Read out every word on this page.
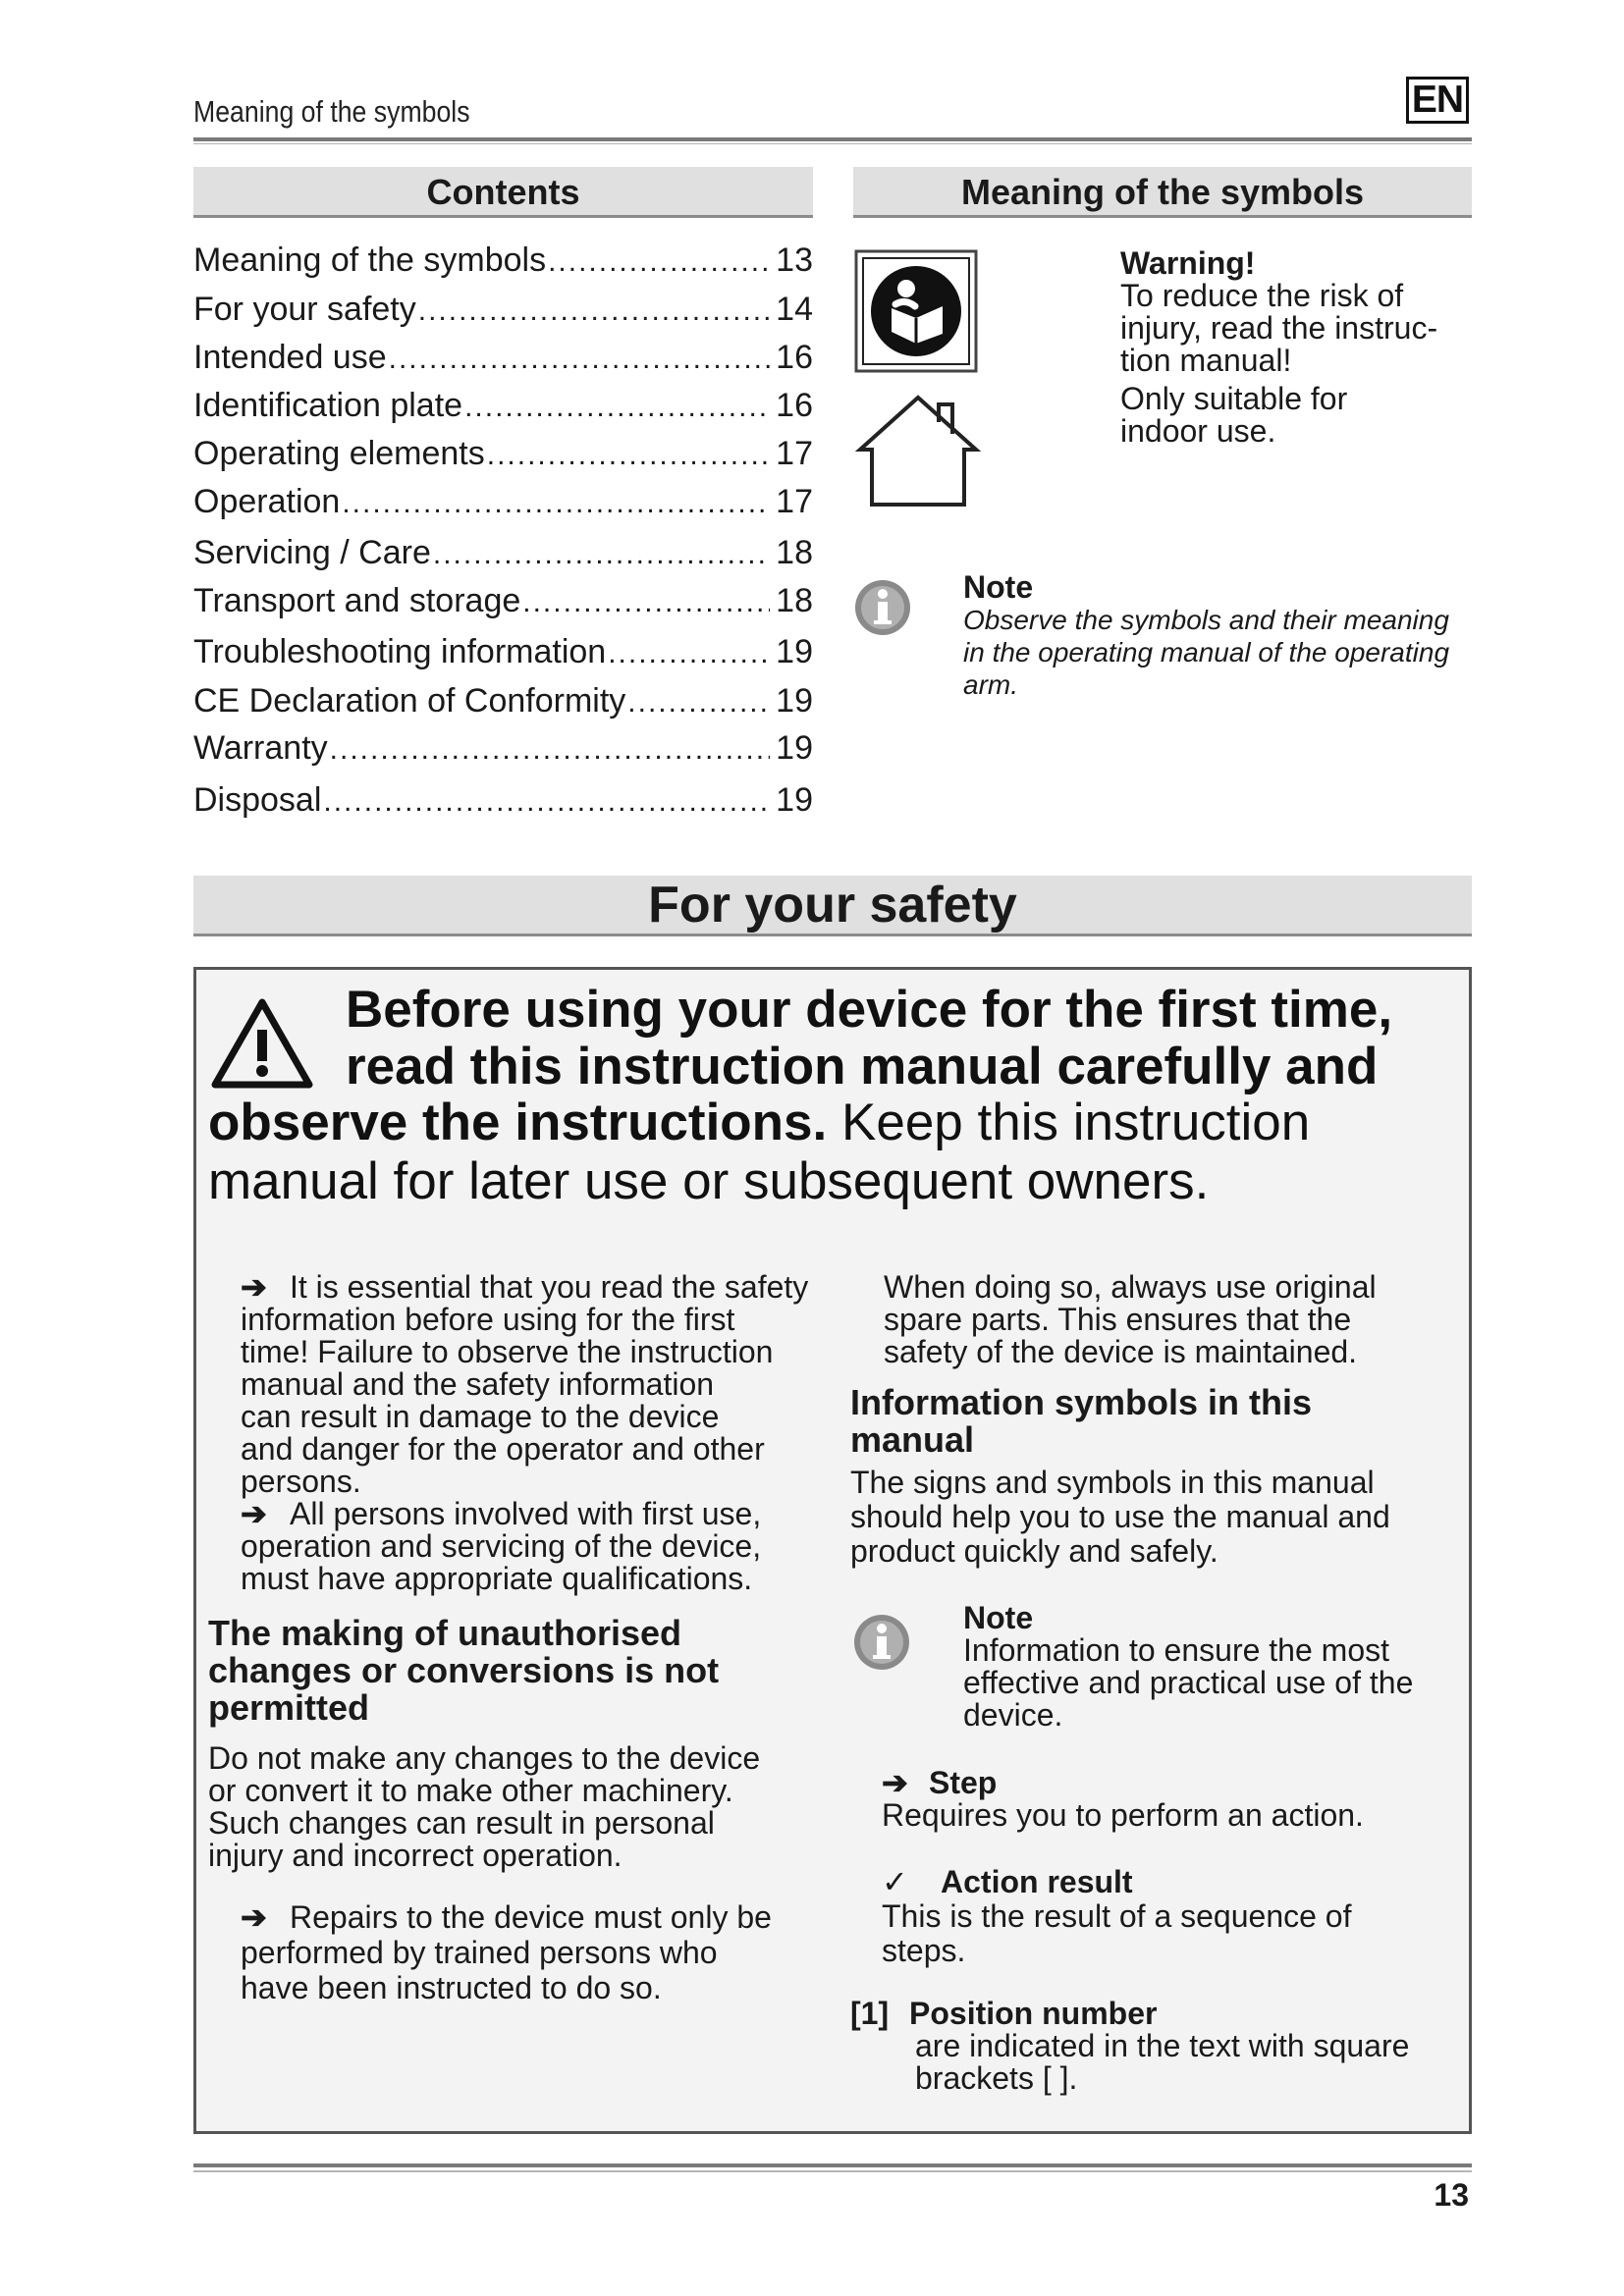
Meaning of the symbols	EN
Contents
Meaning of the symbols .....	13
For your safety .....	14
Intended use .....	16
Identification plate .....	16
Operating elements .....	17
Operation .....	17
Servicing / Care .....	18
Transport and storage .....	18
Troubleshooting information .....	19
CE Declaration of Conformity .....	19
Warranty .....	19
Disposal .....	19
Meaning of the symbols
Warning!
To reduce the risk of
injury, read the instruc-
tion manual!
Only suitable for
indoor use.
Note
Observe the symbols and their meaning
in the operating manual of the operating
arm.
For your safety
Before using your device for the first time,
read this instruction manual carefully and
observe the instructions. Keep this instruction
manual for later use or subsequent owners.
➔ It is essential that you read the safety
information before using for the first
time! Failure to observe the instruction
manual and the safety information
can result in damage to the device
and danger for the operator and other
persons.
➔ All persons involved with first use,
operation and servicing of the device,
must have appropriate qualifications.
The making of unauthorised
changes or conversions is not
permitted
Do not make any changes to the device
or convert it to make other machinery.
Such changes can result in personal
injury and incorrect operation.
➔ Repairs to the device must only be
performed by trained persons who
have been instructed to do so.
When doing so, always use original
spare parts. This ensures that the
safety of the device is maintained.
Information symbols in this
manual
The signs and symbols in this manual
should help you to use the manual and
product quickly and safely.
Note
Information to ensure the most
effective and practical use of the
device.
➔ Step
Requires you to perform an action.
✓ Action result
This is the result of a sequence of
steps.
[1] Position number
are indicated in the text with square
brackets [ ].
13
